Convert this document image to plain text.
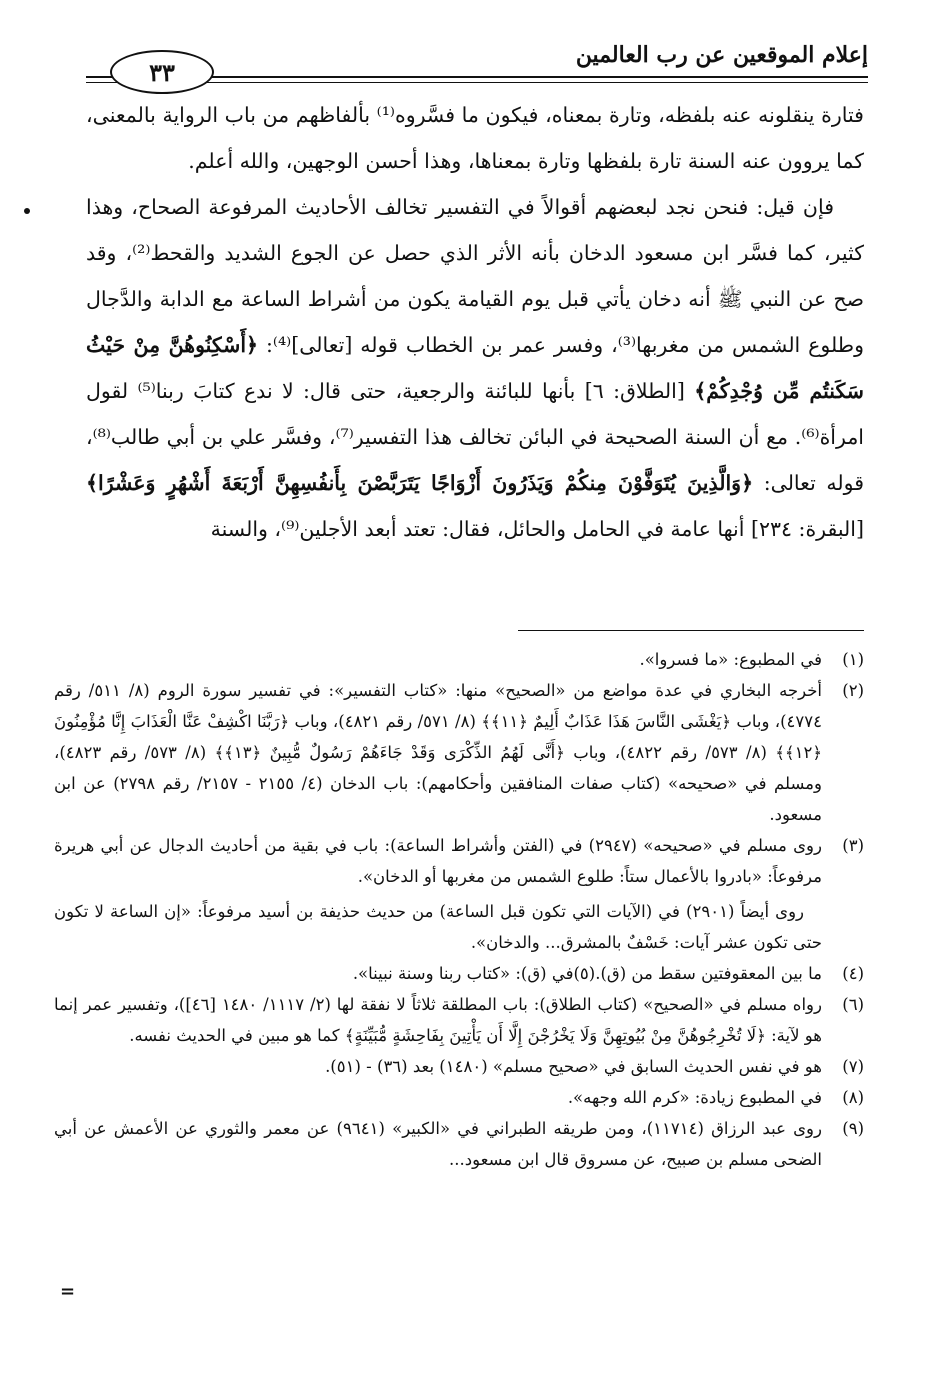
إعلام الموقعين عن رب العالمين
٣٣

فتارة ينقلونه عنه بلفظه، وتارة بمعناه، فيكون ما فسَّروه⁽¹⁾ بألفاظهم من باب الرواية بالمعنى، كما يروون عنه السنة تارة بلفظها وتارة بمعناها، وهذا أحسن الوجهين، والله أعلم.

فإن قيل: فنحن نجد لبعضهم أقوالاً في التفسير تخالف الأحاديث المرفوعة الصحاح، وهذا كثير، كما فسَّر ابن مسعود الدخان بأنه الأثر الذي حصل عن الجوع الشديد والقحط⁽²⁾، وقد صح عن النبي ﷺ أنه دخان يأتي قبل يوم القيامة يكون من أشراط الساعة مع الدابة والدَّجال وطلوع الشمس من مغربها⁽³⁾، وفسر عمر بن الخطاب قوله [تعالى]⁽⁴⁾: ﴿أَسْكِنُوهُنَّ مِنْ حَيْثُ سَكَنتُم مِّن وُجْدِكُمْ﴾ [الطلاق: ٦] بأنها للبائنة والرجعية، حتى قال: لا ندع كتابَ ربنا⁽⁵⁾ لقول امرأة⁽⁶⁾. مع أن السنة الصحيحة في البائن تخالف هذا التفسير⁽⁷⁾، وفسَّر علي بن أبي طالب⁽⁸⁾، قوله تعالى: ﴿وَالَّذِينَ يُتَوَفَّوْنَ مِنكُمْ وَيَذَرُونَ أَزْوَاجًا يَتَرَبَّصْنَ بِأَنفُسِهِنَّ أَرْبَعَةَ أَشْهُرٍ وَعَشْرًا﴾ [البقرة: ٢٣٤] أنها عامة في الحامل والحائل، فقال: تعتد أبعد الأجلين⁽⁹⁾، والسنة

(١)
في المطبوع: «ما فسروا».
(٢)
أخرجه البخاري في عدة مواضع من «الصحيح» منها: «كتاب التفسير»: في تفسير سورة الروم (٨/ ٥١١/ رقم ٤٧٧٤)، وباب ﴿يَغْشَى النَّاسَ هَذَا عَذَابٌ أَلِيمٌ ﴿١١﴾﴾ (٨/ ٥٧١/ رقم ٤٨٢١)، وباب ﴿رَبَّنَا اكْشِفْ عَنَّا الْعَذَابَ إِنَّا مُؤْمِنُونَ ﴿١٢﴾﴾ (٨/ ٥٧٣/ رقم ٤٨٢٢)، وباب ﴿أَنَّى لَهُمُ الذِّكْرَى وَقَدْ جَاءَهُمْ رَسُولٌ مُّبِينٌ ﴿١٣﴾﴾ (٨/ ٥٧٣/ رقم ٤٨٢٣)، ومسلم في «صحيحه» (كتاب صفات المنافقين وأحكامهم): باب الدخان (٤/ ٢١٥٥ - ٢١٥٧/ رقم ٢٧٩٨) عن ابن مسعود.
(٣)
روى مسلم في «صحيحه» (٢٩٤٧) في (الفتن وأشراط الساعة): باب في بقية من أحاديث الدجال عن أبي هريرة مرفوعاً: «بادروا بالأعمال ستاً: طلوع الشمس من مغربها أو الدخان».
روى أيضاً (٢٩٠١) في (الآيات التي تكون قبل الساعة) من حديث حذيفة بن أسيد مرفوعاً: «إن الساعة لا تكون حتى تكون عشر آيات: خَسْفٌ بالمشرق... والدخان».
(٤)
ما بين المعقوفتين سقط من (ق).(٥)في (ق): «كتاب ربنا وسنة نبينا».
(٦)
رواه مسلم في «الصحيح» (كتاب الطلاق): باب المطلقة ثلاثاً لا نفقة لها (٢/ ١١١٧/ ١٤٨٠ [٤٦])، وتفسير عمر إنما هو لآية: ﴿لَا تُخْرِجُوهُنَّ مِنْ بُيُوتِهِنَّ وَلَا يَخْرُجْنَ إِلَّا أَن يَأْتِينَ بِفَاحِشَةٍ مُّبَيِّنَةٍ﴾ كما هو مبين في الحديث نفسه.
(٧)
هو في نفس الحديث السابق في «صحيح مسلم» (١٤٨٠) بعد (٣٦) - (٥١).
(٨)
في المطبوع زيادة: «كرم الله وجهه».
(٩)
روى عبد الرزاق (١١٧١٤)، ومن طريقه الطبراني في «الكبير» (٩٦٤١) عن معمر والثوري عن الأعمش عن أبي الضحى مسلم بن صبيح، عن مسروق قال ابن مسعود...
=
